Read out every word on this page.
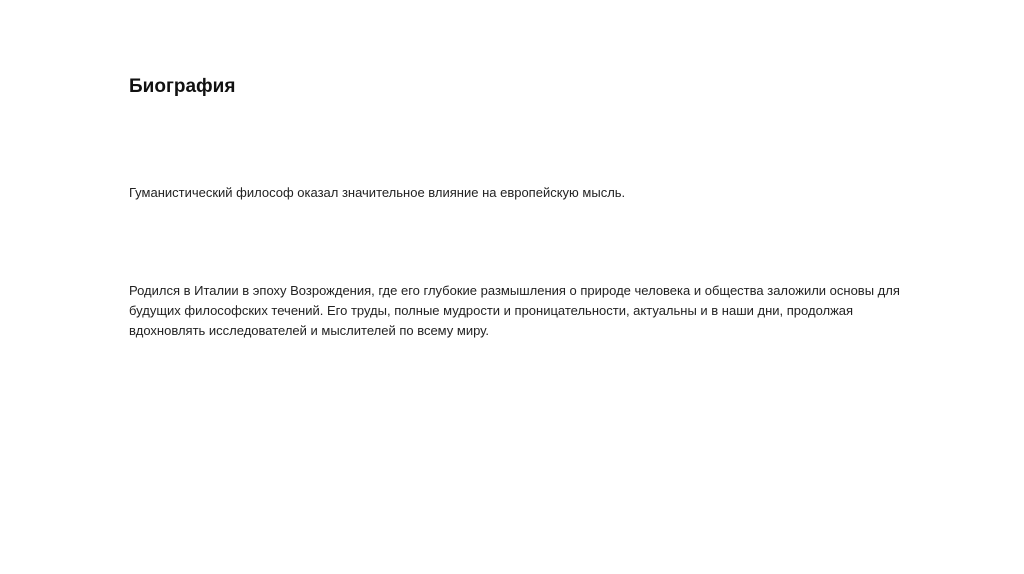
Биография

Гуманистический философ оказал значительное влияние на европейскую мысль.

Родился в Италии в эпоху Возрождения, где его глубокие размышления о природе человека и общества заложили основы для
будущих философских течений. Его труды, полные мудрости и проницательности, актуальны и в наши дни, продолжая
вдохновлять исследователей и мыслителей по всему миру.
